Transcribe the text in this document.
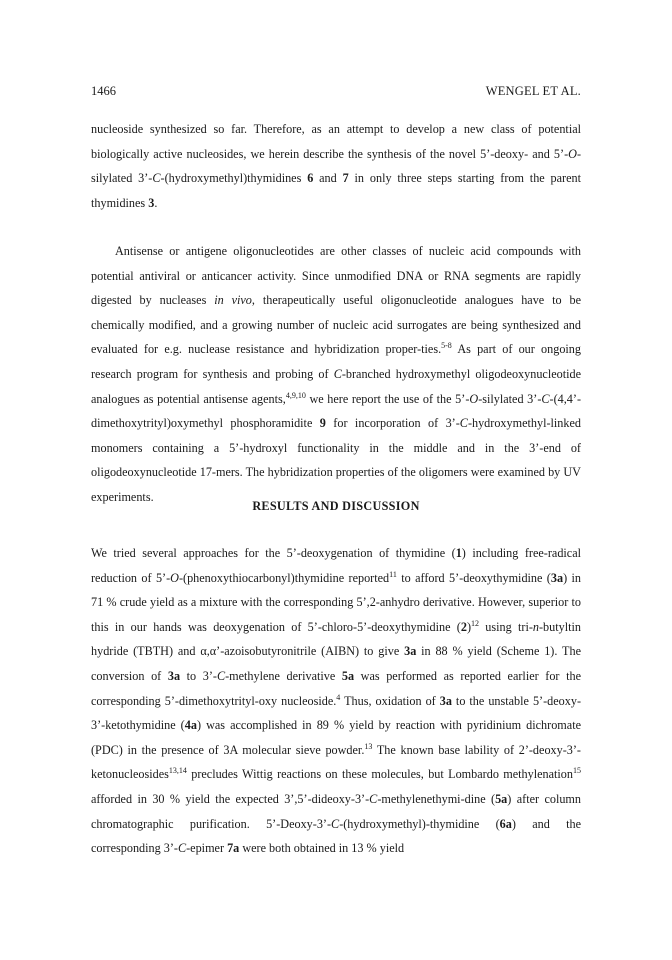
1466	WENGEL ET AL.

nucleoside synthesized so far. Therefore, as an attempt to develop a new class of potential biologically active nucleosides, we herein describe the synthesis of the novel 5’-deoxy- and 5’-O-silylated 3’-C-(hydroxymethyl)thymidines 6 and 7 in only three steps starting from the parent thymidines 3.

Antisense or antigene oligonucleotides are other classes of nucleic acid compounds with potential antiviral or anticancer activity. Since unmodified DNA or RNA segments are rapidly digested by nucleases in vivo, therapeutically useful oligonucleotide analogues have to be chemically modified, and a growing number of nucleic acid surrogates are being synthesized and evaluated for e.g. nuclease resistance and hybridization proper-ties.$^{5-8}$ As part of our ongoing research program for synthesis and probing of C-branched hydroxymethyl oligodeoxynucleotide analogues as potential antisense agents,$^{4,9,10}$ we here report the use of the 5’-O-silylated 3’-C-(4,4’-dimethoxytrityl)oxymethyl phosphoramidite 9 for incorporation of 3’-C-hydroxymethyl-linked monomers containing a 5’-hydroxyl functionality in the middle and in the 3’-end of oligodeoxynucleotide 17-mers. The hybridization properties of the oligomers were examined by UV experiments.

RESULTS AND DISCUSSION

We tried several approaches for the 5’-deoxygenation of thymidine (1) including free-radical reduction of 5’-O-(phenoxythiocarbonyl)thymidine reported$^{11}$ to afford 5’-deoxythymidine (3a) in 71 % crude yield as a mixture with the corresponding 5’,2-anhydro derivative. However, superior to this in our hands was deoxygenation of 5’-chloro-5’-deoxythymidine $(2)^{12}$ using tri-n-butyltin hydride (TBTH) and α,α’-azoisobutyronitrile (AIBN) to give 3a in 88 % yield (Scheme 1). The conversion of 3a to 3’-C-methylene derivative 5a was performed as reported earlier for the corresponding 5’-dimethoxytrityl-oxy nucleoside.$^4$ Thus, oxidation of 3a to the unstable 5’-deoxy-3’-ketothymidine (4a) was accomplished in 89 % yield by reaction with pyridinium dichromate (PDC) in the presence of 3A molecular sieve powder.$^{13}$ The known base lability of 2’-deoxy-3’-ketonucleosides$^{13,14}$ precludes Wittig reactions on these molecules, but Lombardo methylenation$^{15}$ afforded in 30 % yield the expected 3’,5’-dideoxy-3’-C-methylenethymi-dine (5a) after column chromatographic purification. 5’-Deoxy-3’-C-(hydroxymethyl)-thymidine (6a) and the corresponding 3’-C-epimer 7a were both obtained in 13 % yield
